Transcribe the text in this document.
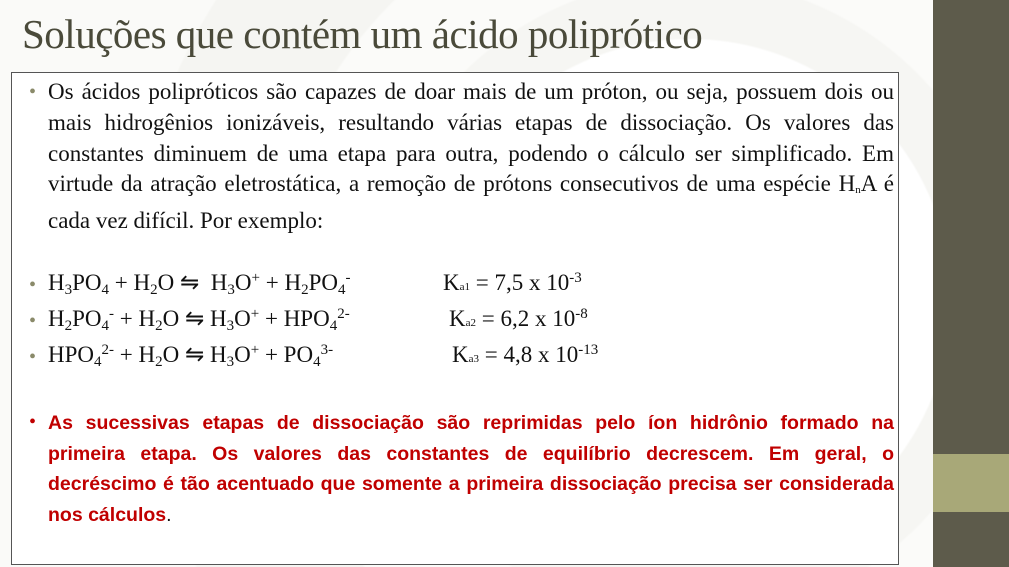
Soluções que contém um ácido poliprótico
• Os ácidos polipróticos são capazes de doar mais de um próton, ou seja, possuem dois ou mais hidrogênios ionizáveis, resultando várias etapas de dissociação. Os valores das constantes diminuem de uma etapa para outra, podendo o cálculo ser simplificado. Em virtude da atração eletrostática, a remoção de prótons consecutivos de uma espécie HnA é cada vez difícil. Por exemplo:

• $H_3PO_4 + H_2O$ ⇋  $H_3O^+ + H_2PO_4^-$	Ka1 = 7,5 x $10^{-3}$
• $H_2PO_4^- + H_2O$ ⇋ $H_3O^+ + HPO_4^{2-}$	Ka2 = 6,2 x $10^{-8}$
• $HPO_4^{2-} + H_2O$ ⇋ $H_3O^+ + PO_4^{3-}$	Ka3 = 4,8 x $10^{-13}$
• As sucessivas etapas de dissociação são reprimidas pelo íon hidrônio formado na primeira etapa. Os valores das constantes de equilíbrio decrescem. Em geral, o decréscimo é tão acentuado que somente a primeira dissociação precisa ser considerada nos cálculos.
